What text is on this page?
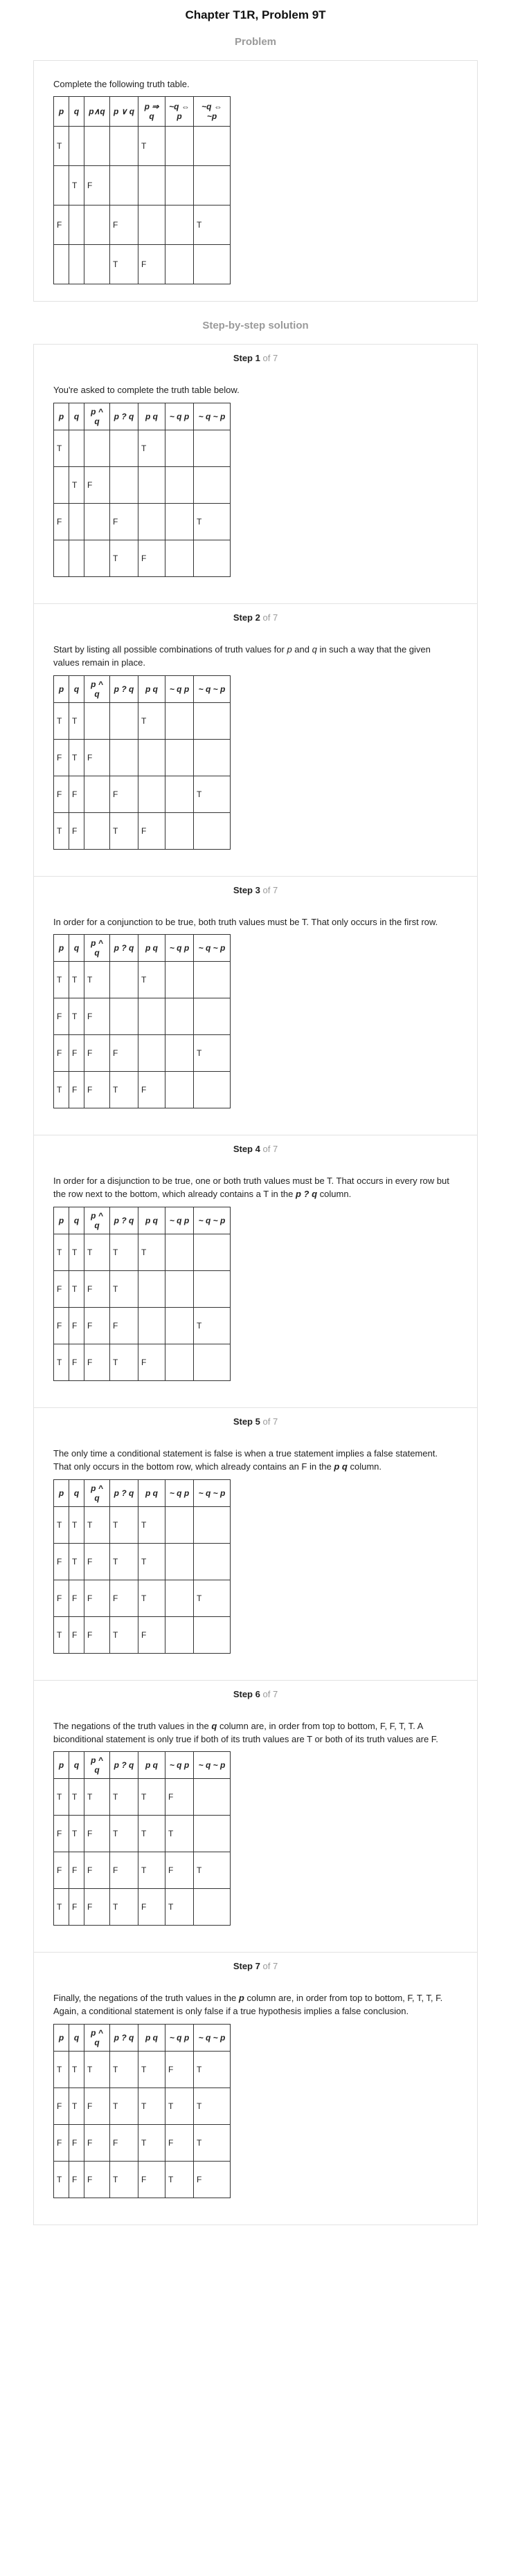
Chapter T1R, Problem 9T
Problem

Complete the following truth table.

p	q	p∧q	p ∨ q	p ⇒ q	~q ⇔ p	~q ⇔ ~p
T				T		
	T	F				
F			F			T
			T	F		
Step-by-step solution
Step 1 of 7

You're asked to complete the truth table below.

p	q	p ^ q	p ? q	p q	~ q p	~ q ~ p
T				T		
	T	F				
F			F			T
			T	F		
Step 2 of 7

Start by listing all possible combinations of truth values for p and q in such a way that the given values remain in place.

p	q	p ^ q	p ? q	p q	~ q p	~ q ~ p
T	T			T		
F	T	F				
F	F		F			T
T	F		T	F		
Step 3 of 7

In order for a conjunction to be true, both truth values must be T. That only occurs in the first row.

p	q	p ^ q	p ? q	p q	~ q p	~ q ~ p
T	T	T		T		
F	T	F				
F	F	F	F			T
T	F	F	T	F		
Step 4 of 7

In order for a disjunction to be true, one or both truth values must be T. That occurs in every row but the row next to the bottom, which already contains a T in the p ? q column.

p	q	p ^ q	p ? q	p q	~ q p	~ q ~ p
T	T	T	T	T		
F	T	F	T			
F	F	F	F			T
T	F	F	T	F		
Step 5 of 7

The only time a conditional statement is false is when a true statement implies a false statement. That only occurs in the bottom row, which already contains an F in the p q column.

p	q	p ^ q	p ? q	p q	~ q p	~ q ~ p
T	T	T	T	T		
F	T	F	T	T		
F	F	F	F	T		T
T	F	F	T	F		
Step 6 of 7

The negations of the truth values in the q column are, in order from top to bottom, F, F, T, T. A biconditional statement is only true if both of its truth values are T or both of its truth values are F.

p	q	p ^ q	p ? q	p q	~ q p	~ q ~ p
T	T	T	T	T	F	
F	T	F	T	T	T	
F	F	F	F	T	F	T
T	F	F	T	F	T	
Step 7 of 7

Finally, the negations of the truth values in the p column are, in order from top to bottom, F, T, T, F. Again, a conditional statement is only false if a true hypothesis implies a false conclusion.

p	q	p ^ q	p ? q	p q	~ q p	~ q ~ p
T	T	T	T	T	F	T
F	T	F	T	T	T	T
F	F	F	F	T	F	T
T	F	F	T	F	T	F
